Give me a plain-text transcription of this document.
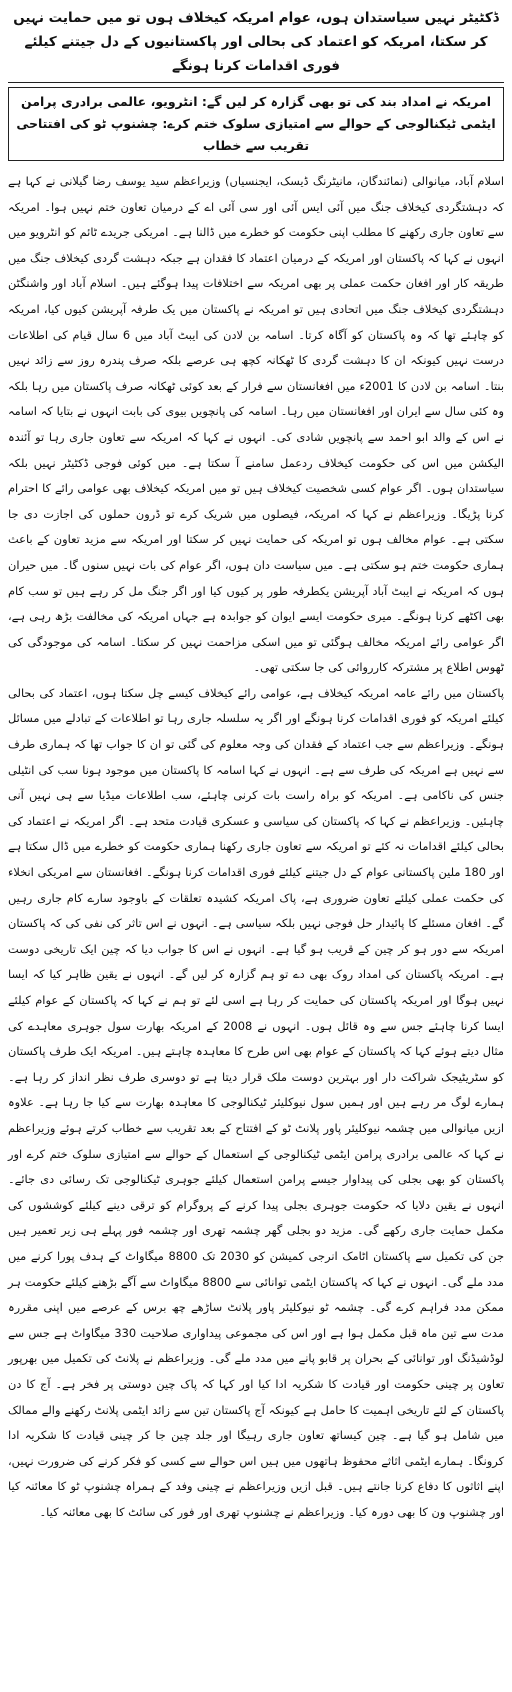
ڈکٹیٹر نہیں سیاستدان ہوں، عوام امریکہ کیخلاف ہوں تو میں حمایت نہیں کر سکتا، امریکہ کو اعتماد کی بحالی اور پاکستانیوں کے دل جیتنے کیلئے فوری اقدامات کرنا ہونگے
امریکہ نے امداد بند کی تو بھی گزارہ کر لیں گے: انٹرویو، عالمی برادری پرامن ایٹمی ٹیکنالوجی کے حوالے سے امتیازی سلوک ختم کرے: چشنوپ ٹو کی افتتاحی تقریب سے خطاب

اسلام آباد، میانوالی (نمائندگان، مانیٹرنگ ڈیسک، ایجنسیاں) وزیراعظم سید یوسف رضا گیلانی نے کہا ہے کہ دہشتگردی کیخلاف جنگ میں آئی ایس آئی اور سی آئی اے کے درمیان تعاون ختم نہیں ہوا۔ امریکہ سے تعاون جاری رکھنے کا مطلب اپنی حکومت کو خطرے میں ڈالنا ہے۔ امریکی جریدے ٹائم کو انٹرویو میں انہوں نے کہا کہ پاکستان اور امریکہ کے درمیان اعتماد کا فقدان ہے جبکہ دہشت گردی کیخلاف جنگ میں طریقہ کار اور افغان حکمت عملی پر بھی امریکہ سے اختلافات پیدا ہوگئے ہیں۔ اسلام آباد اور واشنگٹن دہشتگردی کیخلاف جنگ میں اتحادی ہیں تو امریکہ نے پاکستان میں یک طرفہ آپریشن کیوں کیا، امریکہ کو چاہئے تھا کہ وہ پاکستان کو آگاہ کرتا۔ اسامہ بن لادن کی ایبٹ آباد میں 6 سال قیام کی اطلاعات درست نہیں کیونکہ ان کا دہشت گردی کا ٹھکانہ کچھ ہی عرصے بلکہ صرف پندرہ روز سے زائد نہیں بنتا۔ اسامہ بن لادن کا 2001ء میں افغانستان سے فرار کے بعد کوئی ٹھکانہ صرف پاکستان میں رہا بلکہ وہ کئی سال سے ایران اور افغانستان میں رہا۔ اسامہ کی پانچویں بیوی کی بابت انہوں نے بتایا کہ اسامہ نے اس کے والد ابو احمد سے پانچویں شادی کی۔ انہوں نے کہا کہ امریکہ سے تعاون جاری رہا تو آئندہ الیکشن میں اس کی حکومت کیخلاف ردعمل سامنے آ سکتا ہے۔ میں کوئی فوجی ڈکٹیٹر نہیں بلکہ سیاستدان ہوں۔ اگر عوام کسی شخصیت کیخلاف ہیں تو میں امریکہ کیخلاف بھی عوامی رائے کا احترام کرنا پڑیگا۔ وزیراعظم نے کہا کہ امریکہ، فیصلوں میں شریک کرے تو ڈرون حملوں کی اجازت دی جا سکتی ہے۔ عوام مخالف ہوں تو امریکہ کی حمایت نہیں کر سکتا اور امریکہ سے مزید تعاون کے باعث ہماری حکومت ختم ہو سکتی ہے۔ میں سیاست دان ہوں، اگر عوام کی بات نہیں سنوں گا۔ میں حیران ہوں کہ امریکہ نے ایبٹ آباد آپریشن یکطرفہ طور پر کیوں کیا اور اگر جنگ مل کر رہے ہیں تو سب کام بھی اکٹھے کرنا ہونگے۔ میری حکومت ایسے ایوان کو جوابدہ ہے جہاں امریکہ کی مخالفت بڑھ رہی ہے، اگر عوامی رائے امریکہ مخالف ہوگئی تو میں اسکی مزاحمت نہیں کر سکتا۔ اسامہ کی موجودگی کی ٹھوس اطلاع پر مشترکہ کارروائی کی جا سکتی تھی۔

پاکستان میں رائے عامہ امریکہ کیخلاف ہے، عوامی رائے کیخلاف کیسے چل سکتا ہوں، اعتماد کی بحالی کیلئے امریکہ کو فوری اقدامات کرنا ہونگے اور اگر یہ سلسلہ جاری رہا تو اطلاعات کے تبادلے میں مسائل ہونگے۔ وزیراعظم سے جب اعتماد کے فقدان کی وجہ معلوم کی گئی تو ان کا جواب تھا کہ ہماری طرف سے نہیں ہے امریکہ کی طرف سے ہے۔ انہوں نے کہا اسامہ کا پاکستان میں موجود ہونا سب کی انٹیلی جنس کی ناکامی ہے۔ امریکہ کو براہ راست بات کرنی چاہئے، سب اطلاعات میڈیا سے ہی نہیں آنی چاہئیں۔ وزیراعظم نے کہا کہ پاکستان کی سیاسی و عسکری قیادت متحد ہے۔ اگر امریکہ نے اعتماد کی بحالی کیلئے اقدامات نہ کئے تو امریکہ سے تعاون جاری رکھنا ہماری حکومت کو خطرے میں ڈال سکتا ہے اور 180 ملین پاکستانی عوام کے دل جیتنے کیلئے فوری اقدامات کرنا ہونگے۔ افغانستان سے امریکی انخلاء کی حکمت عملی کیلئے تعاون ضروری ہے، پاک امریکہ کشیدہ تعلقات کے باوجود سارے کام جاری رہیں گے۔ افغان مسئلے کا پائیدار حل فوجی نہیں بلکہ سیاسی ہے۔ انہوں نے اس تاثر کی نفی کی کہ پاکستان امریکہ سے دور ہو کر چین کے قریب ہو گیا ہے۔ انہوں نے اس کا جواب دیا کہ چین ایک تاریخی دوست ہے۔ امریکہ پاکستان کی امداد روک بھی دے تو ہم گزارہ کر لیں گے۔ انہوں نے یقین ظاہر کیا کہ ایسا نہیں ہوگا اور امریکہ پاکستان کی حمایت کر رہا ہے اسی لئے تو ہم نے کہا کہ پاکستان کے عوام کیلئے ایسا کرنا چاہئے جس سے وہ قائل ہوں۔ انہوں نے 2008 کے امریکہ بھارت سول جوہری معاہدے کی مثال دیتے ہوئے کہا کہ پاکستان کے عوام بھی اس طرح کا معاہدہ چاہتے ہیں۔ امریکہ ایک طرف پاکستان کو سٹریٹیجک شراکت دار اور بہترین دوست ملک قرار دیتا ہے تو دوسری طرف نظر انداز کر رہا ہے۔ ہمارے لوگ مر رہے ہیں اور ہمیں سول نیوکلیئر ٹیکنالوجی کا معاہدہ بھارت سے کیا جا رہا ہے۔ علاوہ ازیں میانوالی میں چشمہ نیوکلیئر پاور پلانٹ ٹو کے افتتاح کے بعد تقریب سے خطاب کرتے ہوئے وزیراعظم نے کہا کہ عالمی برادری پرامن ایٹمی ٹیکنالوجی کے استعمال کے حوالے سے امتیازی سلوک ختم کرے اور پاکستان کو بھی بجلی کی پیداوار جیسے پرامن استعمال کیلئے جوہری ٹیکنالوجی تک رسائی دی جائے۔ انہوں نے یقین دلایا کہ حکومت جوہری بجلی پیدا کرنے کے پروگرام کو ترقی دینے کیلئے کوششوں کی مکمل حمایت جاری رکھے گی۔ مزید دو بجلی گھر چشمہ تھری اور چشمہ فور پہلے ہی زیر تعمیر ہیں جن کی تکمیل سے پاکستان اٹامک انرجی کمیشن کو 2030 تک 8800 میگاواٹ کے ہدف پورا کرنے میں مدد ملے گی۔ انہوں نے کہا کہ پاکستان ایٹمی توانائی سے 8800 میگاواٹ سے آگے بڑھنے کیلئے حکومت ہر ممکن مدد فراہم کرے گی۔ چشمہ ٹو نیوکلیئر پاور پلانٹ ساڑھے چھ برس کے عرصے میں اپنی مقررہ مدت سے تین ماہ قبل مکمل ہوا ہے اور اس کی مجموعی پیداواری صلاحیت 330 میگاواٹ ہے جس سے لوڈشیڈنگ اور توانائی کے بحران پر قابو پانے میں مدد ملے گی۔ وزیراعظم نے پلانٹ کی تکمیل میں بھرپور تعاون پر چینی حکومت اور قیادت کا شکریہ ادا کیا اور کہا کہ پاک چین دوستی پر فخر ہے۔ آج کا دن پاکستان کے لئے تاریخی اہمیت کا حامل ہے کیونکہ آج پاکستان تین سے زائد ایٹمی پلانٹ رکھنے والے ممالک میں شامل ہو گیا ہے۔ چین کیساتھ تعاون جاری رہیگا اور جلد چین جا کر چینی قیادت کا شکریہ ادا کرونگا۔ ہمارے ایٹمی اثاثے محفوظ ہاتھوں میں ہیں اس حوالے سے کسی کو فکر کرنے کی ضرورت نہیں، اپنے اثاثوں کا دفاع کرنا جانتے ہیں۔ قبل ازیں وزیراعظم نے چینی وفد کے ہمراہ چشنوپ ٹو کا معائنہ کیا اور چشنوپ ون کا بھی دورہ کیا۔ وزیراعظم نے چشنوپ تھری اور فور کی سائٹ کا بھی معائنہ کیا۔
